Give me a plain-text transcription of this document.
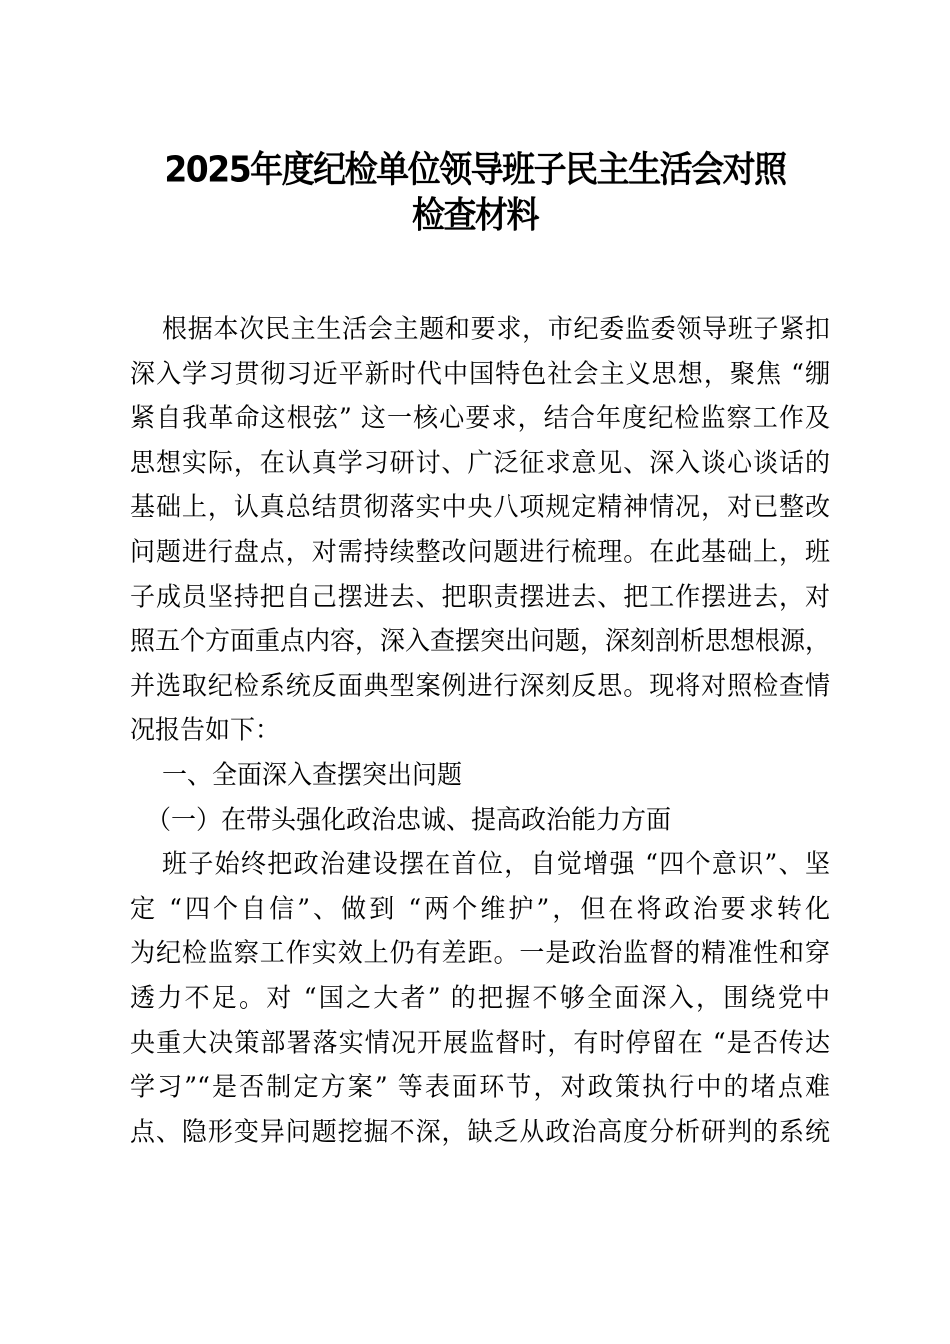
2025年度纪检单位领导班子民主生活会对照
检查材料
根据本次民主生活会主题和要求，市纪委监委领导班子紧扣
深入学习贯彻习近平新时代中国特色社会主义思想，聚焦 “绷
紧自我革命这根弦” 这一核心要求，结合年度纪检监察工作及
思想实际，在认真学习研讨、广泛征求意见、深入谈心谈话的
基础上，认真总结贯彻落实中央八项规定精神情况，对已整改
问题进行盘点，对需持续整改问题进行梳理。在此基础上，班
子成员坚持把自己摆进去、把职责摆进去、把工作摆进去，对
照五个方面重点内容，深入查摆突出问题，深刻剖析思想根源，
并选取纪检系统反面典型案例进行深刻反思。现将对照检查情
况报告如下：
一、全面深入查摆突出问题
（一）在带头强化政治忠诚、提高政治能力方面
班子始终把政治建设摆在首位，自觉增强 “四个意识”、坚
定 “四个自信”、做到 “两个维护”，但在将政治要求转化
为纪检监察工作实效上仍有差距。一是政治监督的精准性和穿
透力不足。对 “国之大者” 的把握不够全面深入，围绕党中
央重大决策部署落实情况开展监督时，有时停留在 “是否传达
学习”“是否制定方案” 等表面环节，对政策执行中的堵点难
点、隐形变异问题挖掘不深，缺乏从政治高度分析研判的系统
